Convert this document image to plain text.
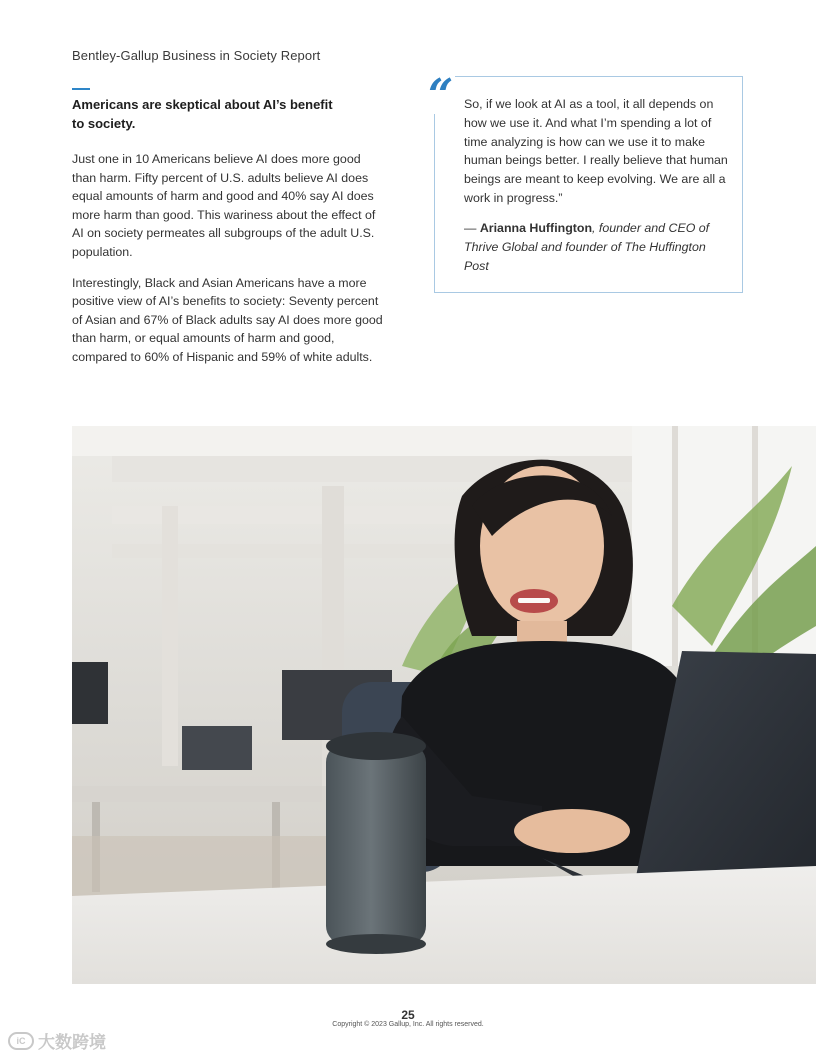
Bentley-Gallup Business in Society Report
Americans are skeptical about AI’s benefit
to society.

Just one in 10 Americans believe AI does more good than harm. Fifty percent of U.S. adults believe AI does equal amounts of harm and good and 40% say AI does more harm than good. This wariness about the effect of AI on society permeates all subgroups of the adult U.S. population.

Interestingly, Black and Asian Americans have a more positive view of AI’s benefits to society: Seventy percent of Asian and 67% of Black adults say AI does more good than harm, or equal amounts of harm and good, compared to 60% of Hispanic and 59% of white adults.

“ So, if we look at AI as a tool, it all depends on how we use it. And what I’m spending a lot of time analyzing is how can we use it to make human beings better. I really believe that human beings are meant to keep evolving. We are all a work in progress.”
— Arianna Huffington, founder and CEO of Thrive Global and founder of The Huffington Post
25
Copyright © 2023 Gallup, Inc. All rights reserved.
iC 大数跨境
